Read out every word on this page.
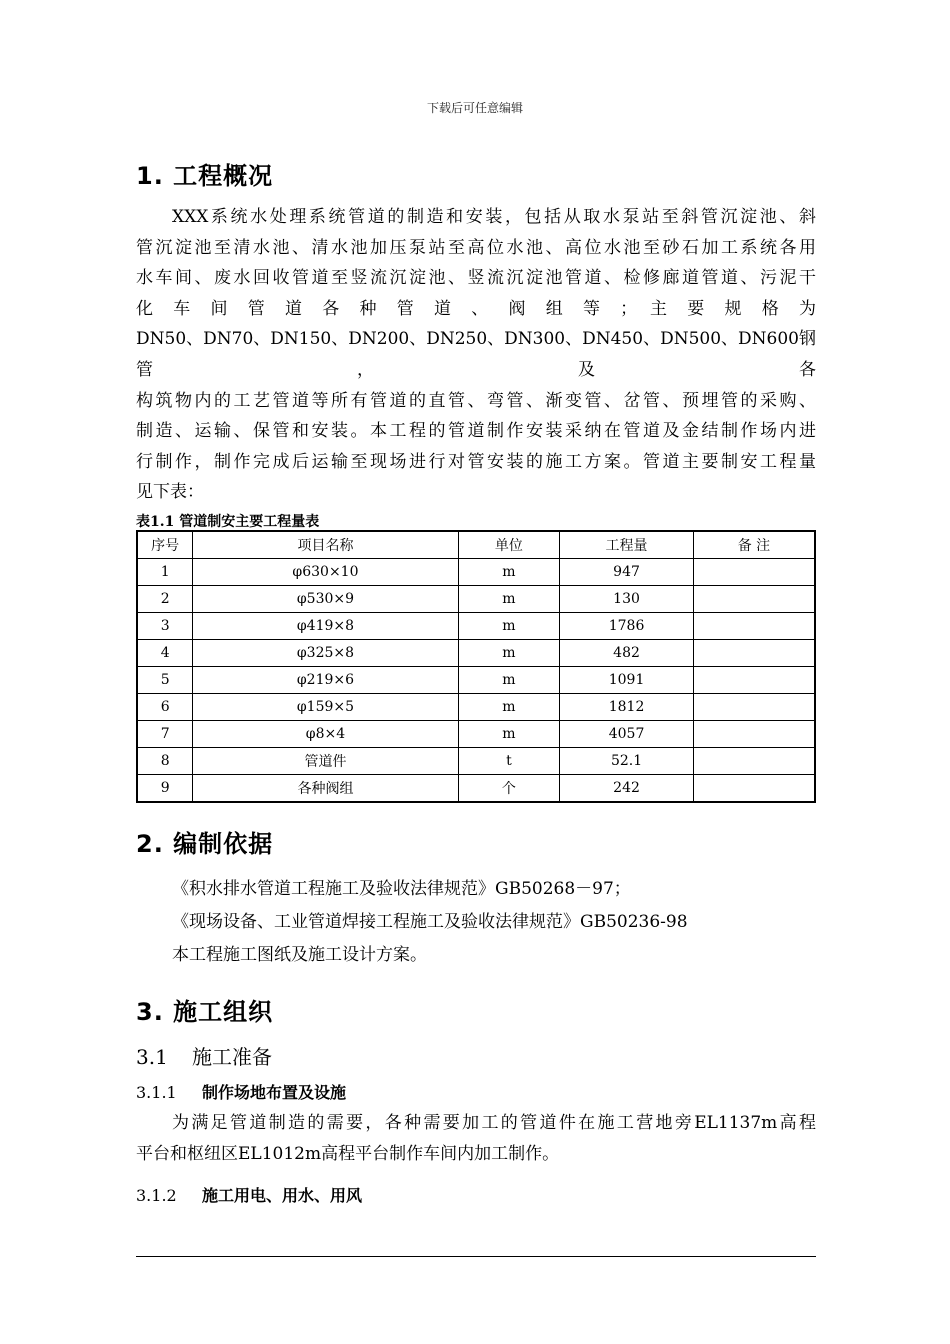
下载后可任意编辑
1. 工程概况
XXX系统水处理系统管道的制造和安装，包括从取水泵站至斜管沉淀池、斜
管沉淀池至清水池、清水池加压泵站至高位水池、高位水池至砂石加工系统各用
水车间、废水回收管道至竖流沉淀池、竖流沉淀池管道、检修廊道管道、污泥干
化 车 间 管 道 各 种 管 道 、 阀 组 等 ； 主 要 规 格 为
DN50、DN70、DN150、DN200、DN250、DN300、DN450、DN500、DN600钢管，及各
构筑物内的工艺管道等所有管道的直管、弯管、渐变管、岔管、预埋管的采购、
制造、运输、保管和安装。本工程的管道制作安装采纳在管道及金结制作场内进
行制作，制作完成后运输至现场进行对管安装的施工方案。管道主要制安工程量
见下表：
表1.1 管道制安主要工程量表
序号	项目名称	单位	工程量	备 注
1	φ630×10	m	947	
2	φ530×9	m	130	
3	φ419×8	m	1786	
4	φ325×8	m	482	
5	φ219×6	m	1091	
6	φ159×5	m	1812	
7	φ8×4	m	4057	
8	管道件	t	52.1	
9	各种阀组	个	242	
2. 编制依据
《积水排水管道工程施工及验收法律规范》GB50268－97；
《现场设备、工业管道焊接工程施工及验收法律规范》GB50236-98
本工程施工图纸及施工设计方案。
3. 施工组织
3.1 施工准备
3.1.1 制作场地布置及设施
为满足管道制造的需要，各种需要加工的管道件在施工营地旁EL1137m高程
平台和枢纽区EL1012m高程平台制作车间内加工制作。
3.1.2 施工用电、用水、用风
